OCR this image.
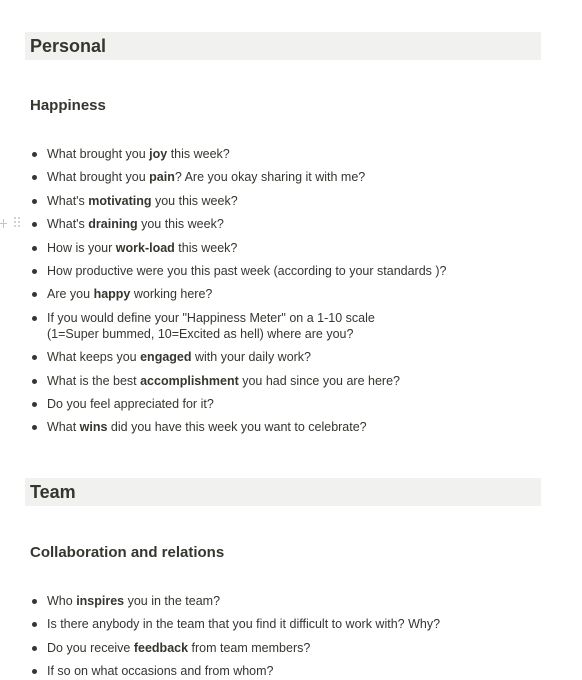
Personal
Happiness
What brought you joy this week?
What brought you pain? Are you okay sharing it with me?
What's motivating you this week?
What's draining you this week?
How is your work-load this week?
How productive were you this past week (according to your standards )?
Are you happy working here?
If you would define your "Happiness Meter" on a 1-10 scale
(1=Super bummed, 10=Excited as hell) where are you?
What keeps you engaged with your daily work?
What is the best accomplishment you had since you are here?
Do you feel appreciated for it?
What wins did you have this week you want to celebrate?
Team
Collaboration and relations
Who inspires you in the team?
Is there anybody in the team that you find it difficult to work with? Why?
Do you receive feedback from team members?
If so on what occasions and from whom?
